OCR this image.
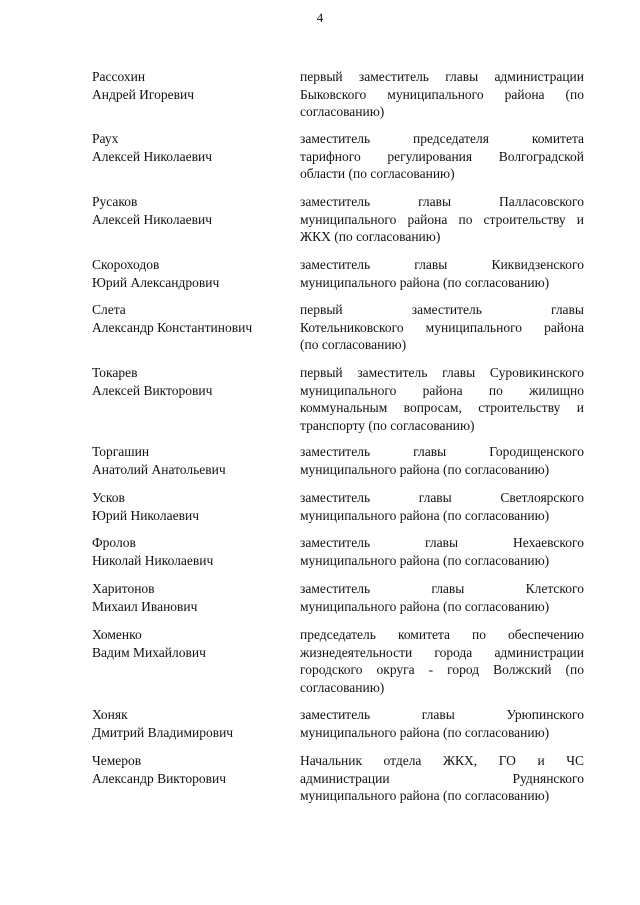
4
Рассохин
Андрей Игоревич
первый заместитель главы администрации
Быковского муниципального района (по
согласованию)
Раух
Алексей Николаевич
заместитель председателя комитета
тарифного регулирования Волгоградской
области (по согласованию)
Русаков
Алексей Николаевич
заместитель главы Палласовского
муниципального района по строительству и
ЖКХ (по согласованию)
Скороходов
Юрий Александрович
заместитель главы Киквидзенского
муниципального района (по согласованию)
Слета
Александр Константинович
первый заместитель главы
Котельниковского муниципального района
(по согласованию)
Токарев
Алексей Викторович
первый заместитель главы Суровикинского
муниципального района по жилищно
коммунальным вопросам, строительству и
транспорту (по согласованию)
Торгашин
Анатолий Анатольевич
заместитель главы Городищенского
муниципального района (по согласованию)
Усков
Юрий Николаевич
заместитель главы Светлоярского
муниципального района (по согласованию)
Фролов
Николай Николаевич
заместитель главы Нехаевского
муниципального района (по согласованию)
Харитонов
Михаил Иванович
заместитель главы Клетского
муниципального района (по согласованию)
Хоменко
Вадим Михайлович
председатель комитета по обеспечению
жизнедеятельности города администрации
городского округа - город Волжский (по
согласованию)
Хоняк
Дмитрий Владимирович
заместитель главы Урюпинского
муниципального района (по согласованию)
Чемеров
Александр Викторович
Начальник отдела ЖКХ, ГО и ЧС
администрации Руднянского
муниципального района (по согласованию)
